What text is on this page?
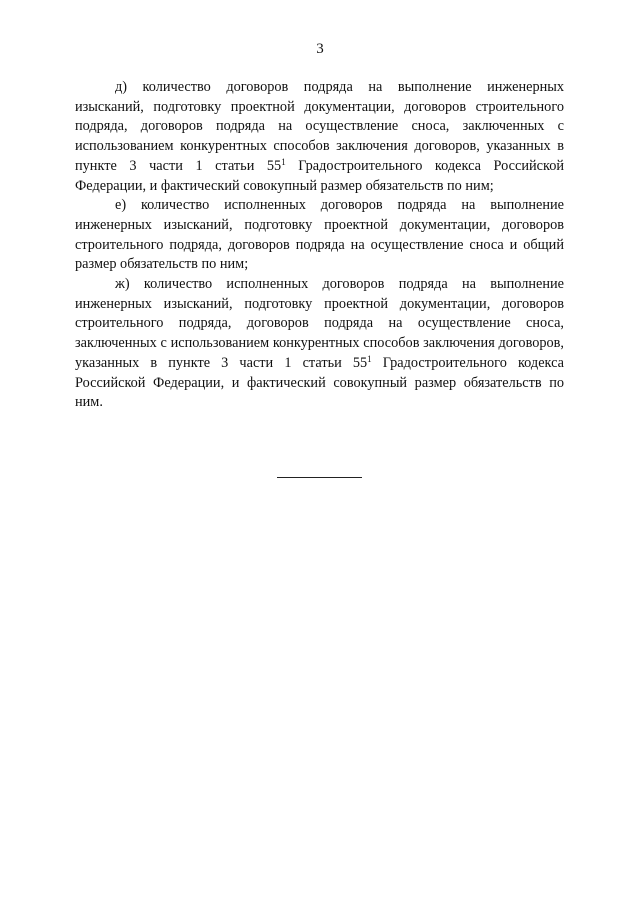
3

д) количество договоров подряда на выполнение инженерных изысканий, подготовку проектной документации, договоров строительного подряда, договоров подряда на осуществление сноса, заключенных с использованием конкурентных способов заключения договоров, указанных в пункте 3 части 1 статьи $55^1$ Градостроительного кодекса Российской Федерации, и фактический совокупный размер обязательств по ним;

е) количество исполненных договоров подряда на выполнение инженерных изысканий, подготовку проектной документации, договоров строительного подряда, договоров подряда на осуществление сноса и общий размер обязательств по ним;

ж) количество исполненных договоров подряда на выполнение инженерных изысканий, подготовку проектной документации, договоров строительного подряда, договоров подряда на осуществление сноса, заключенных с использованием конкурентных способов заключения договоров, указанных в пункте 3 части 1 статьи $55^1$ Градостроительного кодекса Российской Федерации, и фактический совокупный размер обязательств по ним.
